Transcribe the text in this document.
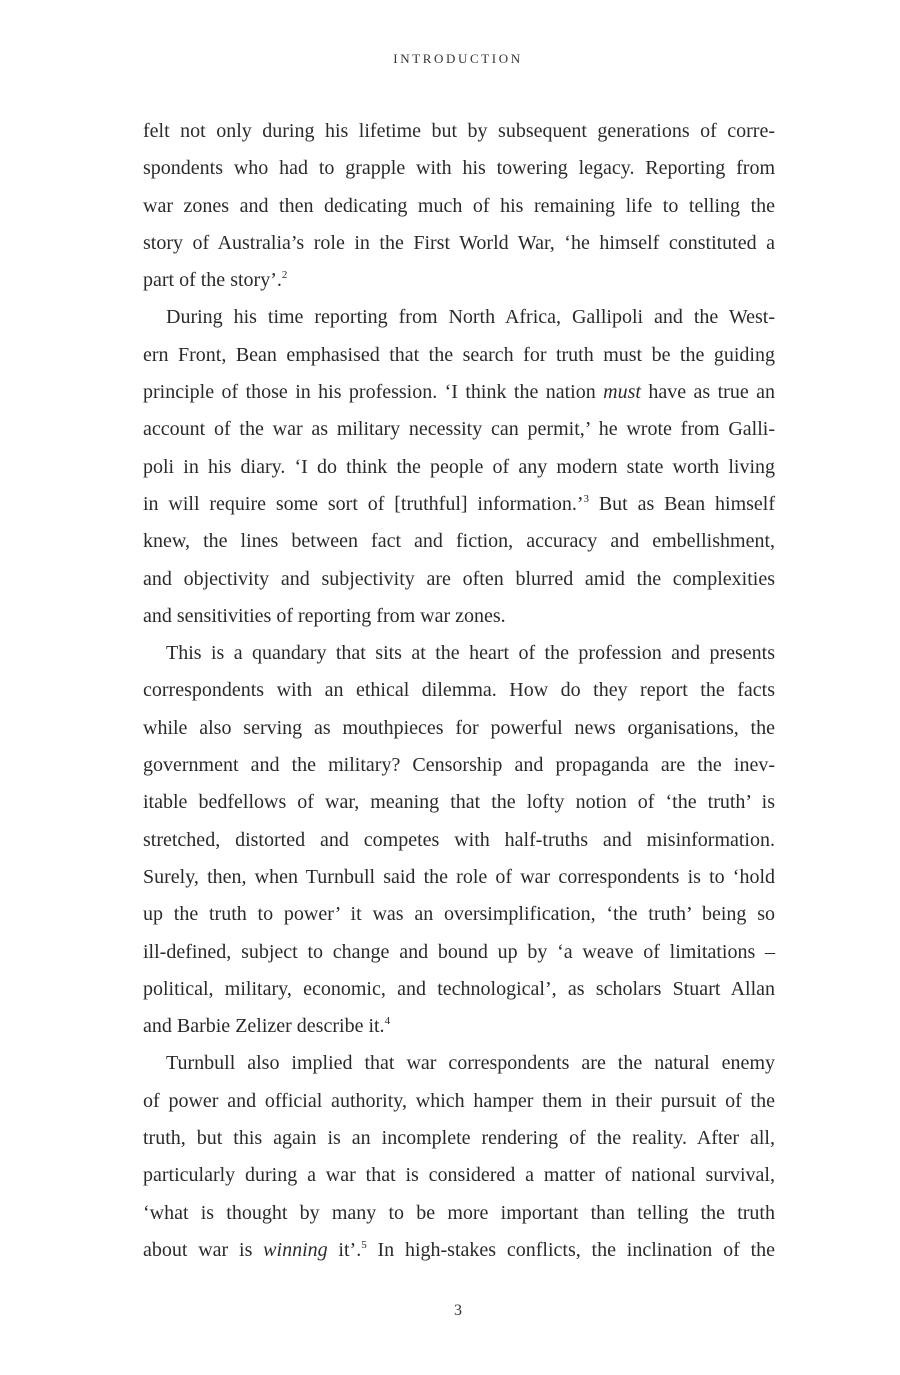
INTRODUCTION
felt not only during his lifetime but by subsequent generations of corre-
spondents who had to grapple with his towering legacy. Reporting from
war zones and then dedicating much of his remaining life to telling the
story of Australia’s role in the First World War, ‘he himself constituted a
part of the story’.$^2$
During his time reporting from North Africa, Gallipoli and the West-
ern Front, Bean emphasised that the search for truth must be the guiding
principle of those in his profession. ‘I think the nation must have as true an
account of the war as military necessity can permit,’ he wrote from Galli-
poli in his diary. ‘I do think the people of any modern state worth living
in will require some sort of [truthful] information.’$^3$ But as Bean himself
knew, the lines between fact and fiction, accuracy and embellishment,
and objectivity and subjectivity are often blurred amid the complexities
and sensitivities of reporting from war zones.
This is a quandary that sits at the heart of the profession and presents
correspondents with an ethical dilemma. How do they report the facts
while also serving as mouthpieces for powerful news organisations, the
government and the military? Censorship and propaganda are the inev-
itable bedfellows of war, meaning that the lofty notion of ‘the truth’ is
stretched, distorted and competes with half-truths and misinformation.
Surely, then, when Turnbull said the role of war correspondents is to ‘hold
up the truth to power’ it was an oversimplification, ‘the truth’ being so
ill-defined, subject to change and bound up by ‘a weave of limitations –
political, military, economic, and technological’, as scholars Stuart Allan
and Barbie Zelizer describe it.$^4$
Turnbull also implied that war correspondents are the natural enemy
of power and official authority, which hamper them in their pursuit of the
truth, but this again is an incomplete rendering of the reality. After all,
particularly during a war that is considered a matter of national survival,
‘what is thought by many to be more important than telling the truth
about war is winning it’.$^5$ In high-stakes conflicts, the inclination of the
3
